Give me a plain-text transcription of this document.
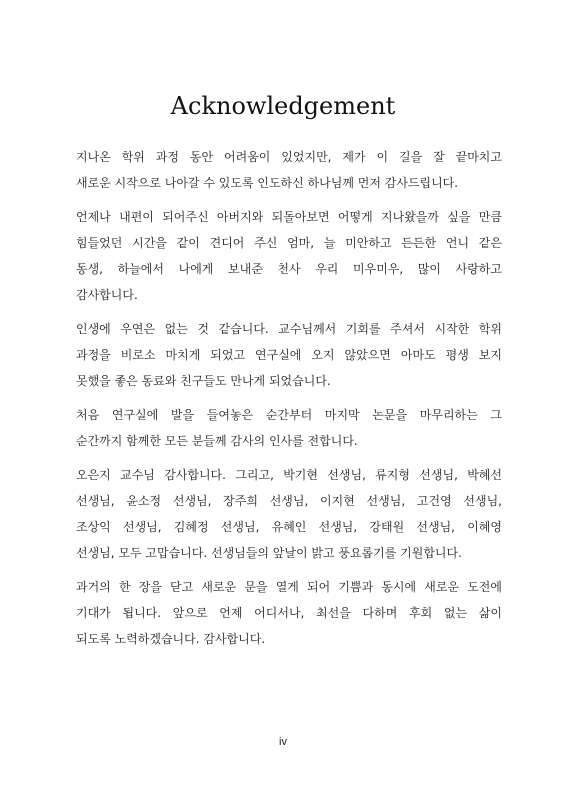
Acknowledgement
지나온 학위 과정 동안 어려움이 있었지만, 제가 이 길을 잘 끝마치고
새로운 시작으로 나아갈 수 있도록 인도하신 하나님께 먼저 감사드립니다.
언제나 내편이 되어주신 아버지와 되돌아보면 어떻게 지나왔을까 싶을 만큼
힘들었던 시간을 같이 견디어 주신 엄마, 늘 미안하고 든든한 언니 같은
동생, 하늘에서 나에게 보내준 천사 우리 미우미우, 많이 사랑하고
감사합니다.
인생에 우연은 없는 것 같습니다. 교수님께서 기회를 주셔서 시작한 학위
과정을 비로소 마치게 되었고 연구실에 오지 않았으면 아마도 평생 보지
못했을 좋은 동료와 친구들도 만나게 되었습니다.
처음 연구실에 발을 들여놓은 순간부터 마지막 논문을 마무리하는 그
순간까지 함께한 모든 분들께 감사의 인사를 전합니다.
오은지 교수님 감사합니다. 그리고, 박기현 선생님, 류지형 선생님, 박혜선
선생님, 윤소정 선생님, 장주희 선생님, 이지현 선생님, 고건영 선생님,
조상익 선생님, 김혜정 선생님, 유혜인 선생님, 강태원 선생님, 이혜영
선생님, 모두 고맙습니다. 선생님들의 앞날이 밝고 풍요롭기를 기원합니다.
과거의 한 장을 닫고 새로운 문을 열게 되어 기쁨과 동시에 새로운 도전에
기대가 됩니다. 앞으로 언제 어디서나, 최선을 다하며 후회 없는 삶이
되도록 노력하겠습니다. 감사합니다.
iv
